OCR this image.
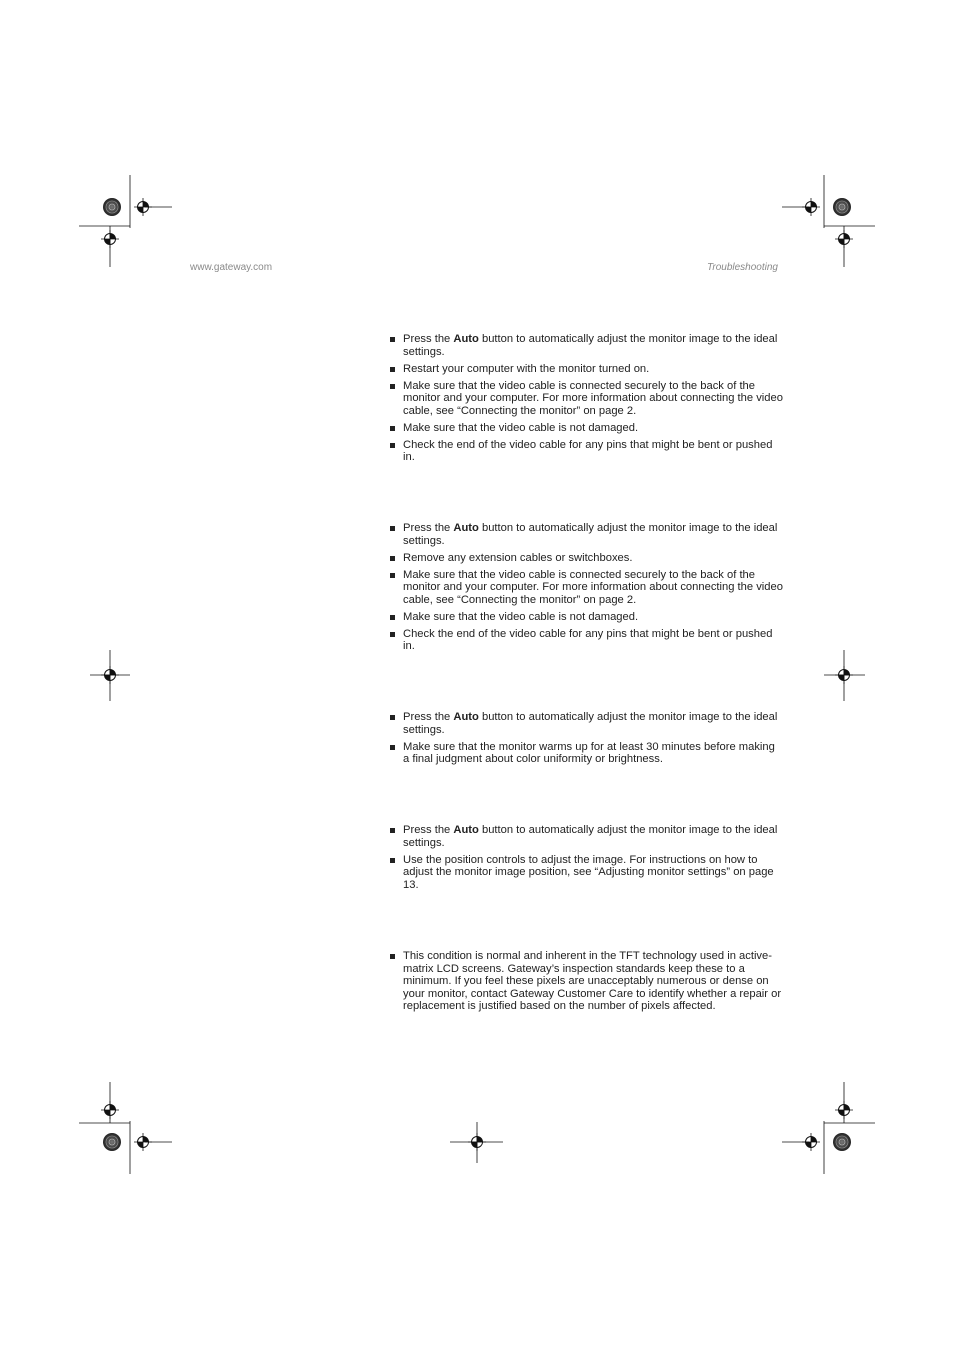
www.gateway.com	Troubleshooting
Press the Auto button to automatically adjust the monitor image to the ideal settings.
Restart your computer with the monitor turned on.
Make sure that the video cable is connected securely to the back of the monitor and your computer. For more information about connecting the video cable, see “Connecting the monitor” on page 2.
Make sure that the video cable is not damaged.
Check the end of the video cable for any pins that might be bent or pushed in.
Press the Auto button to automatically adjust the monitor image to the ideal settings.
Remove any extension cables or switchboxes.
Make sure that the video cable is connected securely to the back of the monitor and your computer. For more information about connecting the video cable, see “Connecting the monitor” on page 2.
Make sure that the video cable is not damaged.
Check the end of the video cable for any pins that might be bent or pushed in.
Press the Auto button to automatically adjust the monitor image to the ideal settings.
Make sure that the monitor warms up for at least 30 minutes before making a final judgment about color uniformity or brightness.
Press the Auto button to automatically adjust the monitor image to the ideal settings.
Use the position controls to adjust the image. For instructions on how to adjust the monitor image position, see “Adjusting monitor settings” on page 13.
This condition is normal and inherent in the TFT technology used in active-matrix LCD screens. Gateway’s inspection standards keep these to a minimum. If you feel these pixels are unacceptably numerous or dense on your monitor, contact Gateway Customer Care to identify whether a repair or replacement is justified based on the number of pixels affected.
